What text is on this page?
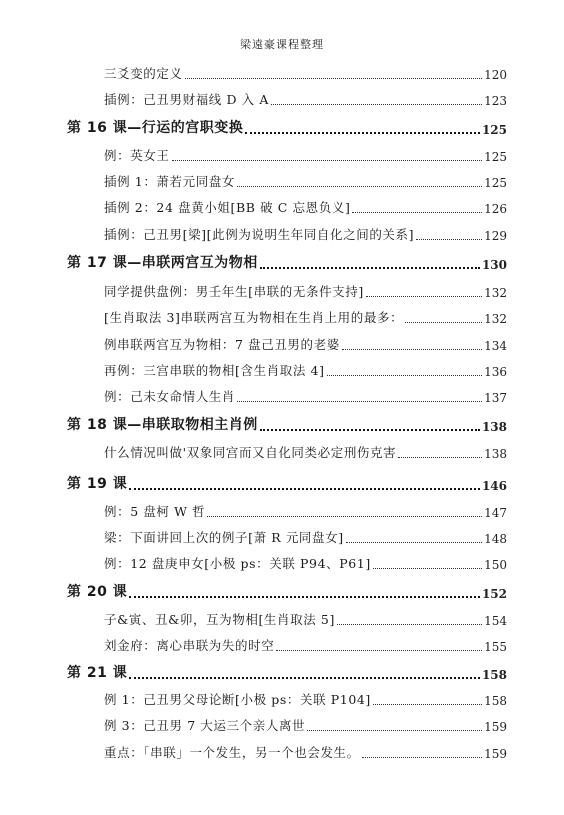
梁遠豪课程整理
三爻变的定义	120
插例：己丑男财福线 D 入 A	123
第 16 课—行运的宫职变换	125
例：英女王	125
插例 1：萧若元同盘女	125
插例 2：24 盘黄小姐[BB 破 C 忘恩负义]	126
插例：己丑男[梁][此例为说明生年同自化之间的关系]	129
第 17 课—串联两宫互为物相	130
同学提供盘例：男壬年生[串联的无条件支持]	132
[生肖取法 3]串联两宫互为物相在生肖上用的最多：	132
例串联两宫互为物相：7 盘己丑男的老婆	134
再例：三宫串联的物相[含生肖取法 4]	136
例：己未女命情人生肖	137
第 18 课—串联取物相主肖例	138
什么情况叫做'双象同宫而又自化同类必定刑伤克害	138
第 19 课	146
例：5 盘柯 W 哲	147
梁：下面讲回上次的例子[萧 R 元同盘女]	148
例：12 盘庚申女[小极 ps：关联 P94、P61]	150
第 20 课	152
子&寅、丑&卯，互为物相[生肖取法 5]	154
刘金府：离心串联为失的时空	155
第 21 课	158
例 1：己丑男父母论断[小极 ps：关联 P104]	158
例 3：己丑男 7 大运三个亲人离世	159
重点：「串联」一个发生，另一个也会发生。	159
